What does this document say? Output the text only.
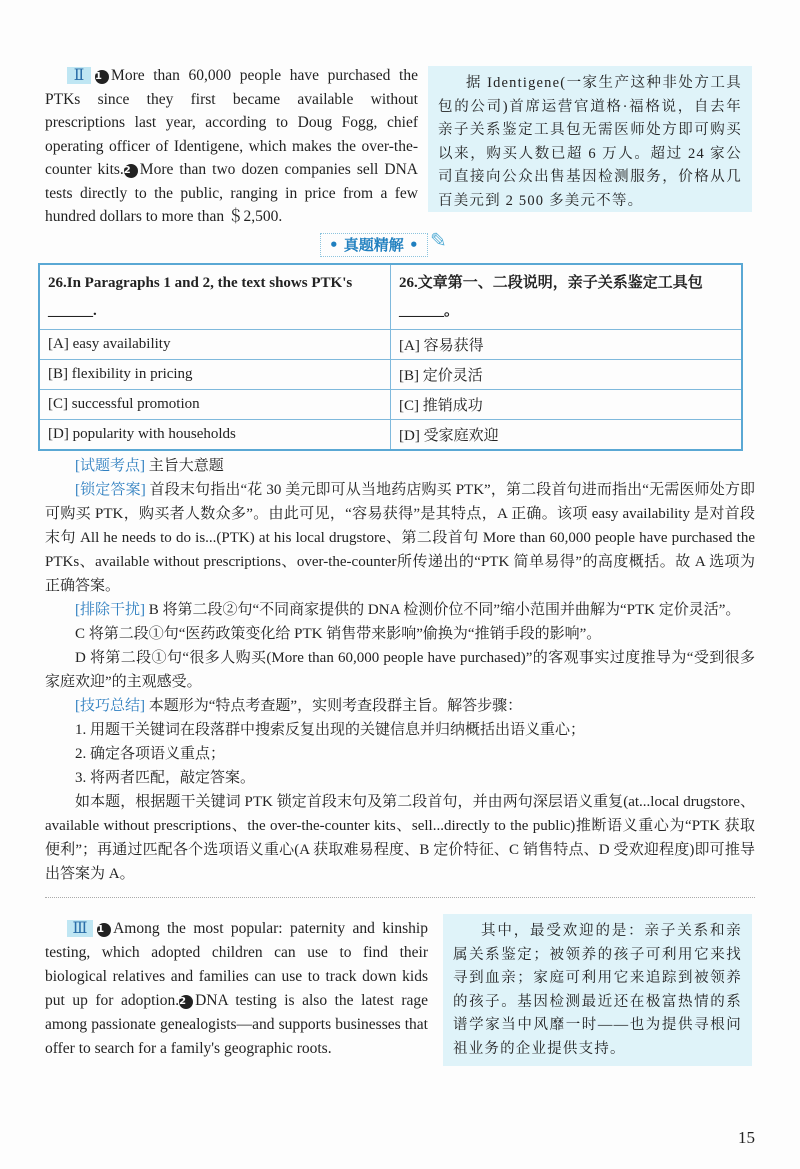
Ⅱ 1 More than 60,000 people have purchased the PTKs since they first became available without prescriptions last year, according to Doug Fogg, chief operating officer of Identigene, which makes the over-the-counter kits.2 More than two dozen companies sell DNA tests directly to the public, ranging in price from a few hundred dollars to more than ＄2,500.
据 Identigene(一家生产这种非处方工具包的公司)首席运营官道格·福格说，自去年亲子关系鉴定工具包无需医师处方即可购买以来，购买人数已超 6 万人。超过 24 家公司直接向公众出售基因检测服务，价格从几百美元到 2 500 多美元不等。
• 真题精解 • ✎
26.In Paragraphs 1 and 2, the text shows PTK's ______.	26.文章第一、二段说明，亲子关系鉴定工具包______。
[A] easy availability	[A] 容易获得
[B] flexibility in pricing	[B] 定价灵活
[C] successful promotion	[C] 推销成功
[D] popularity with households	[D] 受家庭欢迎

[试题考点] 主旨大意题

[锁定答案] 首段末句指出“花 30 美元即可从当地药店购买 PTK”，第二段首句进而指出“无需医师处方即可购买 PTK，购买者人数众多”。由此可见，“容易获得”是其特点，A 正确。该项 easy availability 是对首段末句 All he needs to do is...(PTK) at his local drugstore、第二段首句 More than 60,000 people have purchased the PTKs、available without prescriptions、over-the-counter所传递出的“PTK 简单易得”的高度概括。故 A 选项为正确答案。

[排除干扰] B 将第二段②句“不同商家提供的 DNA 检测价位不同”缩小范围并曲解为“PTK 定价灵活”。

C 将第二段①句“医药政策变化给 PTK 销售带来影响”偷换为“推销手段的影响”。

D 将第二段①句“很多人购买(More than 60,000 people have purchased)”的客观事实过度推导为“受到很多家庭欢迎”的主观感受。

[技巧总结] 本题形为“特点考查题”，实则考查段群主旨。解答步骤：

1. 用题干关键词在段落群中搜索反复出现的关键信息并归纳概括出语义重心；

2. 确定各项语义重点；

3. 将两者匹配，敲定答案。

如本题，根据题干关键词 PTK 锁定首段末句及第二段首句，并由两句深层语义重复(at...local drugstore、available without prescriptions、the over-the-counter kits、sell...directly to the public)推断语义重心为“PTK 获取便利”；再通过匹配各个选项语义重心(A 获取难易程度、B 定价特征、C 销售特点、D 受欢迎程度)即可推导出答案为 A。

Ⅲ 1 Among the most popular: paternity and kinship testing, which adopted children can use to find their biological relatives and families can use to track down kids put up for adoption.2 DNA testing is also the latest rage among passionate genealogists—and supports businesses that offer to search for a family's geographic roots.
其中，最受欢迎的是：亲子关系和亲属关系鉴定；被领养的孩子可利用它来找寻到血亲；家庭可利用它来追踪到被领养的孩子。基因检测最近还在极富热情的系谱学家当中风靡一时——也为提供寻根问祖业务的企业提供支持。
15
